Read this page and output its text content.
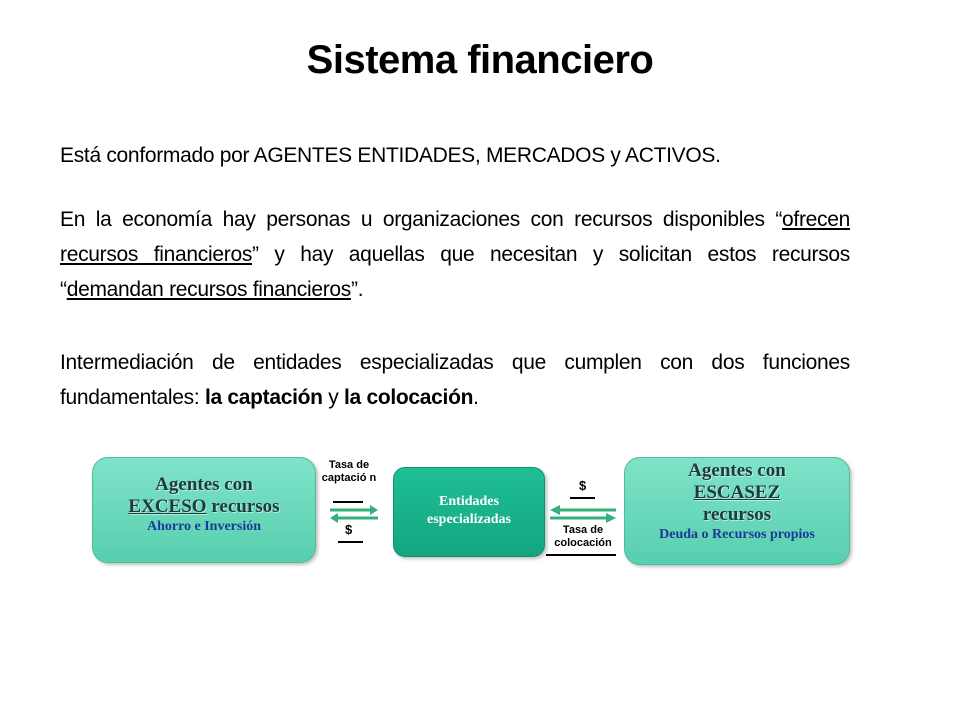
Sistema financiero
Está conformado por AGENTES ENTIDADES, MERCADOS y ACTIVOS.
En la economía hay personas u organizaciones con recursos disponibles “ofrecen recursos financieros” y hay aquellas que necesitan y solicitan estos recursos “demandan recursos financieros”.
Intermediación de entidades especializadas que cumplen con dos funciones fundamentales: la captación y la colocación.
Agentes con
EXCESO recursos
Ahorro e Inversión
Entidades
especializadas
Agentes con
ESCASEZ
recursos
Deuda o Recursos propios
Tasa de captació n
$
$
Tasa de colocación
